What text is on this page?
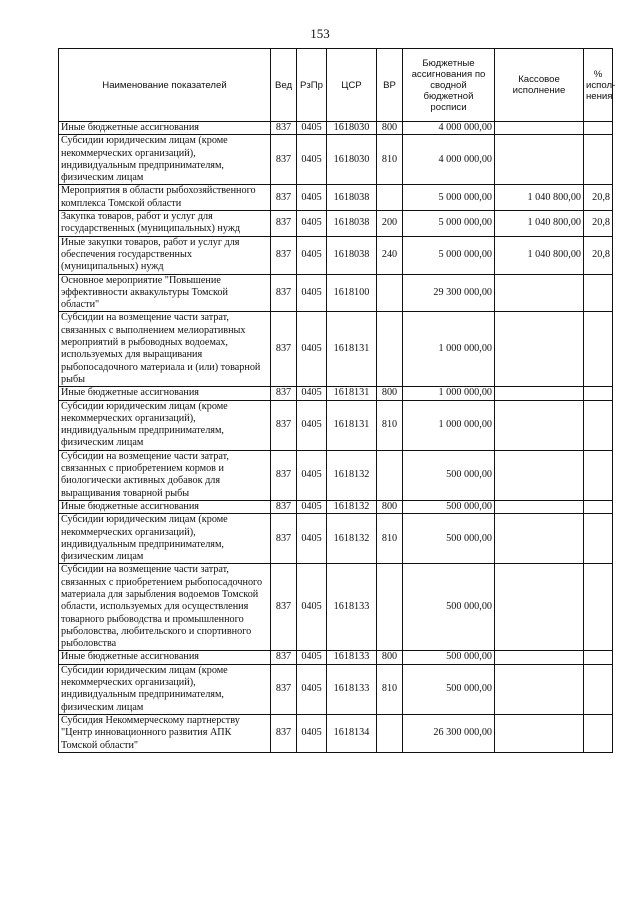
153
Наименование показателей	Вед	РзПр	ЦСР	ВР	Бюджетные ассигнования по сводной бюджетной росписи	Кассовое исполнение	% испол-нения
Иные бюджетные ассигнования	837	0405	1618030	800	4 000 000,00		
Субсидии юридическим лицам (кроме некоммерческих организаций), индивидуальным предпринимателям, физическим лицам	837	0405	1618030	810	4 000 000,00		
Мероприятия в области рыбохозяйственного комплекса Томской области	837	0405	1618038		5 000 000,00	1 040 800,00	20,8
Закупка товаров, работ и услуг для государственных (муниципальных) нужд	837	0405	1618038	200	5 000 000,00	1 040 800,00	20,8
Иные закупки товаров, работ и услуг для обеспечения государственных (муниципальных) нужд	837	0405	1618038	240	5 000 000,00	1 040 800,00	20,8
Основное мероприятие "Повышение эффективности аквакультуры Томской области"	837	0405	1618100		29 300 000,00		
Субсидии на возмещение части затрат, связанных с выполнением мелиоративных мероприятий в рыбоводных водоемах, используемых для выращивания рыбопосадочного материала и (или) товарной рыбы	837	0405	1618131		1 000 000,00		
Иные бюджетные ассигнования	837	0405	1618131	800	1 000 000,00		
Субсидии юридическим лицам (кроме некоммерческих организаций), индивидуальным предпринимателям, физическим лицам	837	0405	1618131	810	1 000 000,00		
Субсидии на возмещение части затрат, связанных с приобретением кормов и биологически активных добавок для выращивания товарной рыбы	837	0405	1618132		500 000,00		
Иные бюджетные ассигнования	837	0405	1618132	800	500 000,00		
Субсидии юридическим лицам (кроме некоммерческих организаций), индивидуальным предпринимателям, физическим лицам	837	0405	1618132	810	500 000,00		
Субсидии на возмещение части затрат, связанных с приобретением рыбопосадочного материала для зарыбления водоемов Томской области, используемых для осуществления товарного рыбоводства и промышленного рыболовства, любительского и спортивного рыболовства	837	0405	1618133		500 000,00		
Иные бюджетные ассигнования	837	0405	1618133	800	500 000,00		
Субсидии юридическим лицам (кроме некоммерческих организаций), индивидуальным предпринимателям, физическим лицам	837	0405	1618133	810	500 000,00		
Субсидия Некоммерческому партнерству "Центр инновационного развития АПК Томской области"	837	0405	1618134		26 300 000,00		
